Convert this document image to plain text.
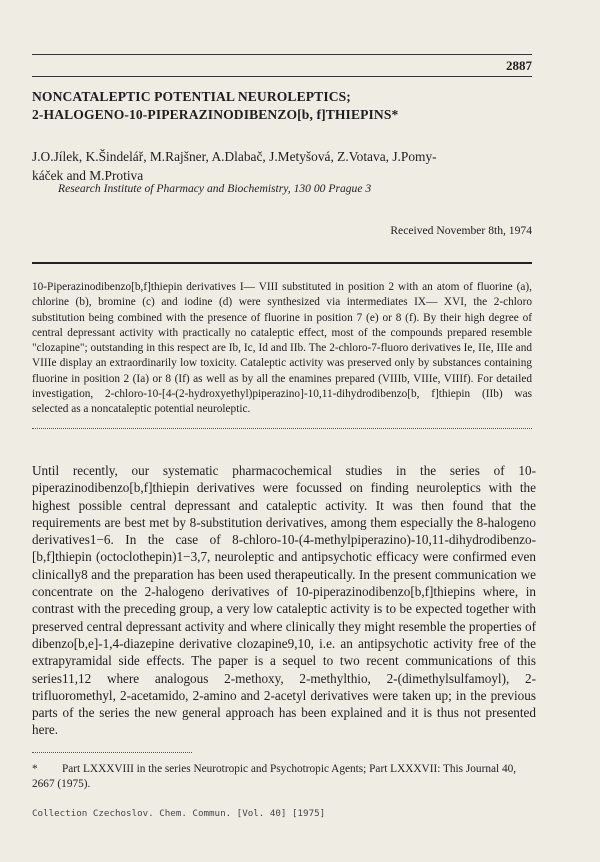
2887
NONCATALEPTIC POTENTIAL NEUROLEPTICS;
2-HALOGENO-10-PIPERAZINODIBENZO[b, f]THIEPINS*
J.O.Jílek, K.Šindelář, M.Rajšner, A.Dlabač, J.Metyšová, Z.Votava, J.Pomy-
káček and M.Protiva
Research Institute of Pharmacy and Biochemistry, 130 00 Prague 3
Received November 8th, 1974

10-Piperazinodibenzo[b,f]thiepin derivatives I— VIII substituted in position 2 with an atom of fluorine (a), chlorine (b), bromine (c) and iodine (d) were synthesized via intermediates IX— XVI, the 2-chloro substitution being combined with the presence of fluorine in position 7 (e) or 8 (f). By their high degree of central depressant activity with practically no cataleptic effect, most of the compounds prepared resemble "clozapine"; outstanding in this respect are Ib, Ic, Id and IIb. The 2-chloro-7-fluoro derivatives Ie, IIe, IIIe and VIIIe display an extraordinarily low toxicity. Cataleptic activity was preserved only by substances containing fluorine in position 2 (Ia) or 8 (If) as well as by all the enamines prepared (VIIIb, VIIIe, VIIIf). For detailed investigation, 2-chloro-10-[4-(2-hydroxyethyl)piperazino]-10,11-dihydrodibenzo[b, f]thiepin (IIb) was selected as a noncataleptic potential neuroleptic.

Until recently, our systematic pharmacochemical studies in the series of 10-piperazinodibenzo[b,f]thiepin derivatives were focussed on finding neuroleptics with the highest possible central depressant and cataleptic activity. It was then found that the requirements are best met by 8-substitution derivatives, among them especially the 8-halogeno derivatives1−6. In the case of 8-chloro-10-(4-methylpiperazino)-10,11-dihydrodibenzo-[b,f]thiepin (octoclothepin)1−3,7, neuroleptic and antipsychotic efficacy were confirmed even clinically8 and the preparation has been used therapeutically. In the present communication we concentrate on the 2-halogeno derivatives of 10-piperazinodibenzo[b,f]thiepins where, in contrast with the preceding group, a very low cataleptic activity is to be expected together with preserved central depressant activity and where clinically they might resemble the properties of dibenzo[b,e]-1,4-diazepine derivative clozapine9,10, i.e. an antipsychotic activity free of the extrapyramidal side effects. The paper is a sequel to two recent communications of this series11,12 where analogous 2-methoxy, 2-methylthio, 2-(dimethylsulfamoyl), 2-trifluoromethyl, 2-acetamido, 2-amino and 2-acetyl derivatives were taken up; in the previous parts of the series the new general approach has been explained and it is thus not presented here.

* Part LXXXVIII in the series Neurotropic and Psychotropic Agents; Part LXXXVII: This Journal 40, 2667 (1975).
Collection Czechoslov. Chem. Commun. [Vol. 40] [1975]
